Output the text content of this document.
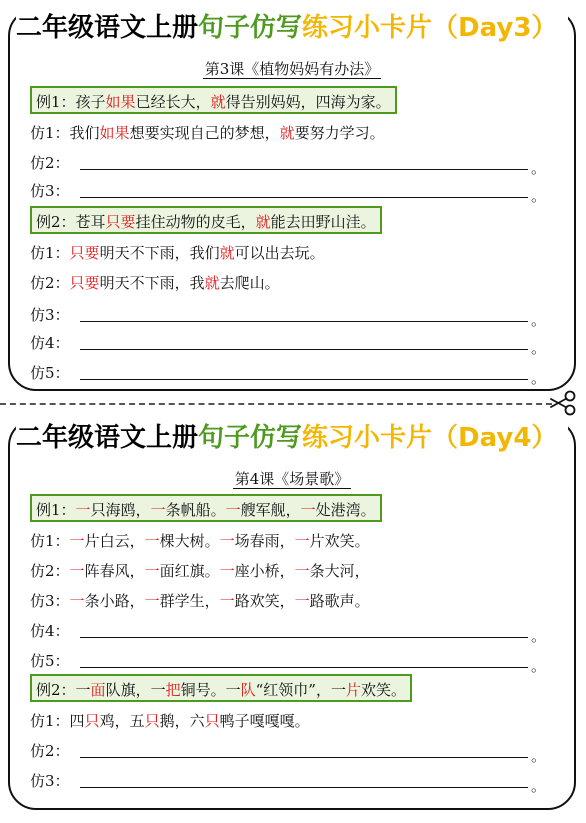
二年级语文上册句子仿写练习小卡片（Day3）
第3课《植物妈妈有办法》
例1：孩子如果已经长大，就得告别妈妈，四海为家。
仿1：我们如果想要实现自己的梦想，就要努力学习。
仿2：	。
仿3：	。
例2：苍耳只要挂住动物的皮毛，就能去田野山洼。
仿1：只要明天不下雨，我们就可以出去玩。
仿2：只要明天不下雨，我就去爬山。
仿3：	。
仿4：	。
仿5：	。
二年级语文上册句子仿写练习小卡片（Day4）
第4课《场景歌》
例1：一只海鸥，一条帆船。一艘军舰，一处港湾。
仿1：一片白云，一棵大树。一场春雨，一片欢笑。
仿2：一阵春风，一面红旗。一座小桥，一条大河，
仿3：一条小路，一群学生，一路欢笑，一路歌声。
仿4：	。
仿5：	。
例2：一面队旗，一把铜号。一队“红领巾”，一片欢笑。
仿1：四只鸡，五只鹅，六只鸭子嘎嘎嘎。
仿2：	。
仿3：	。
